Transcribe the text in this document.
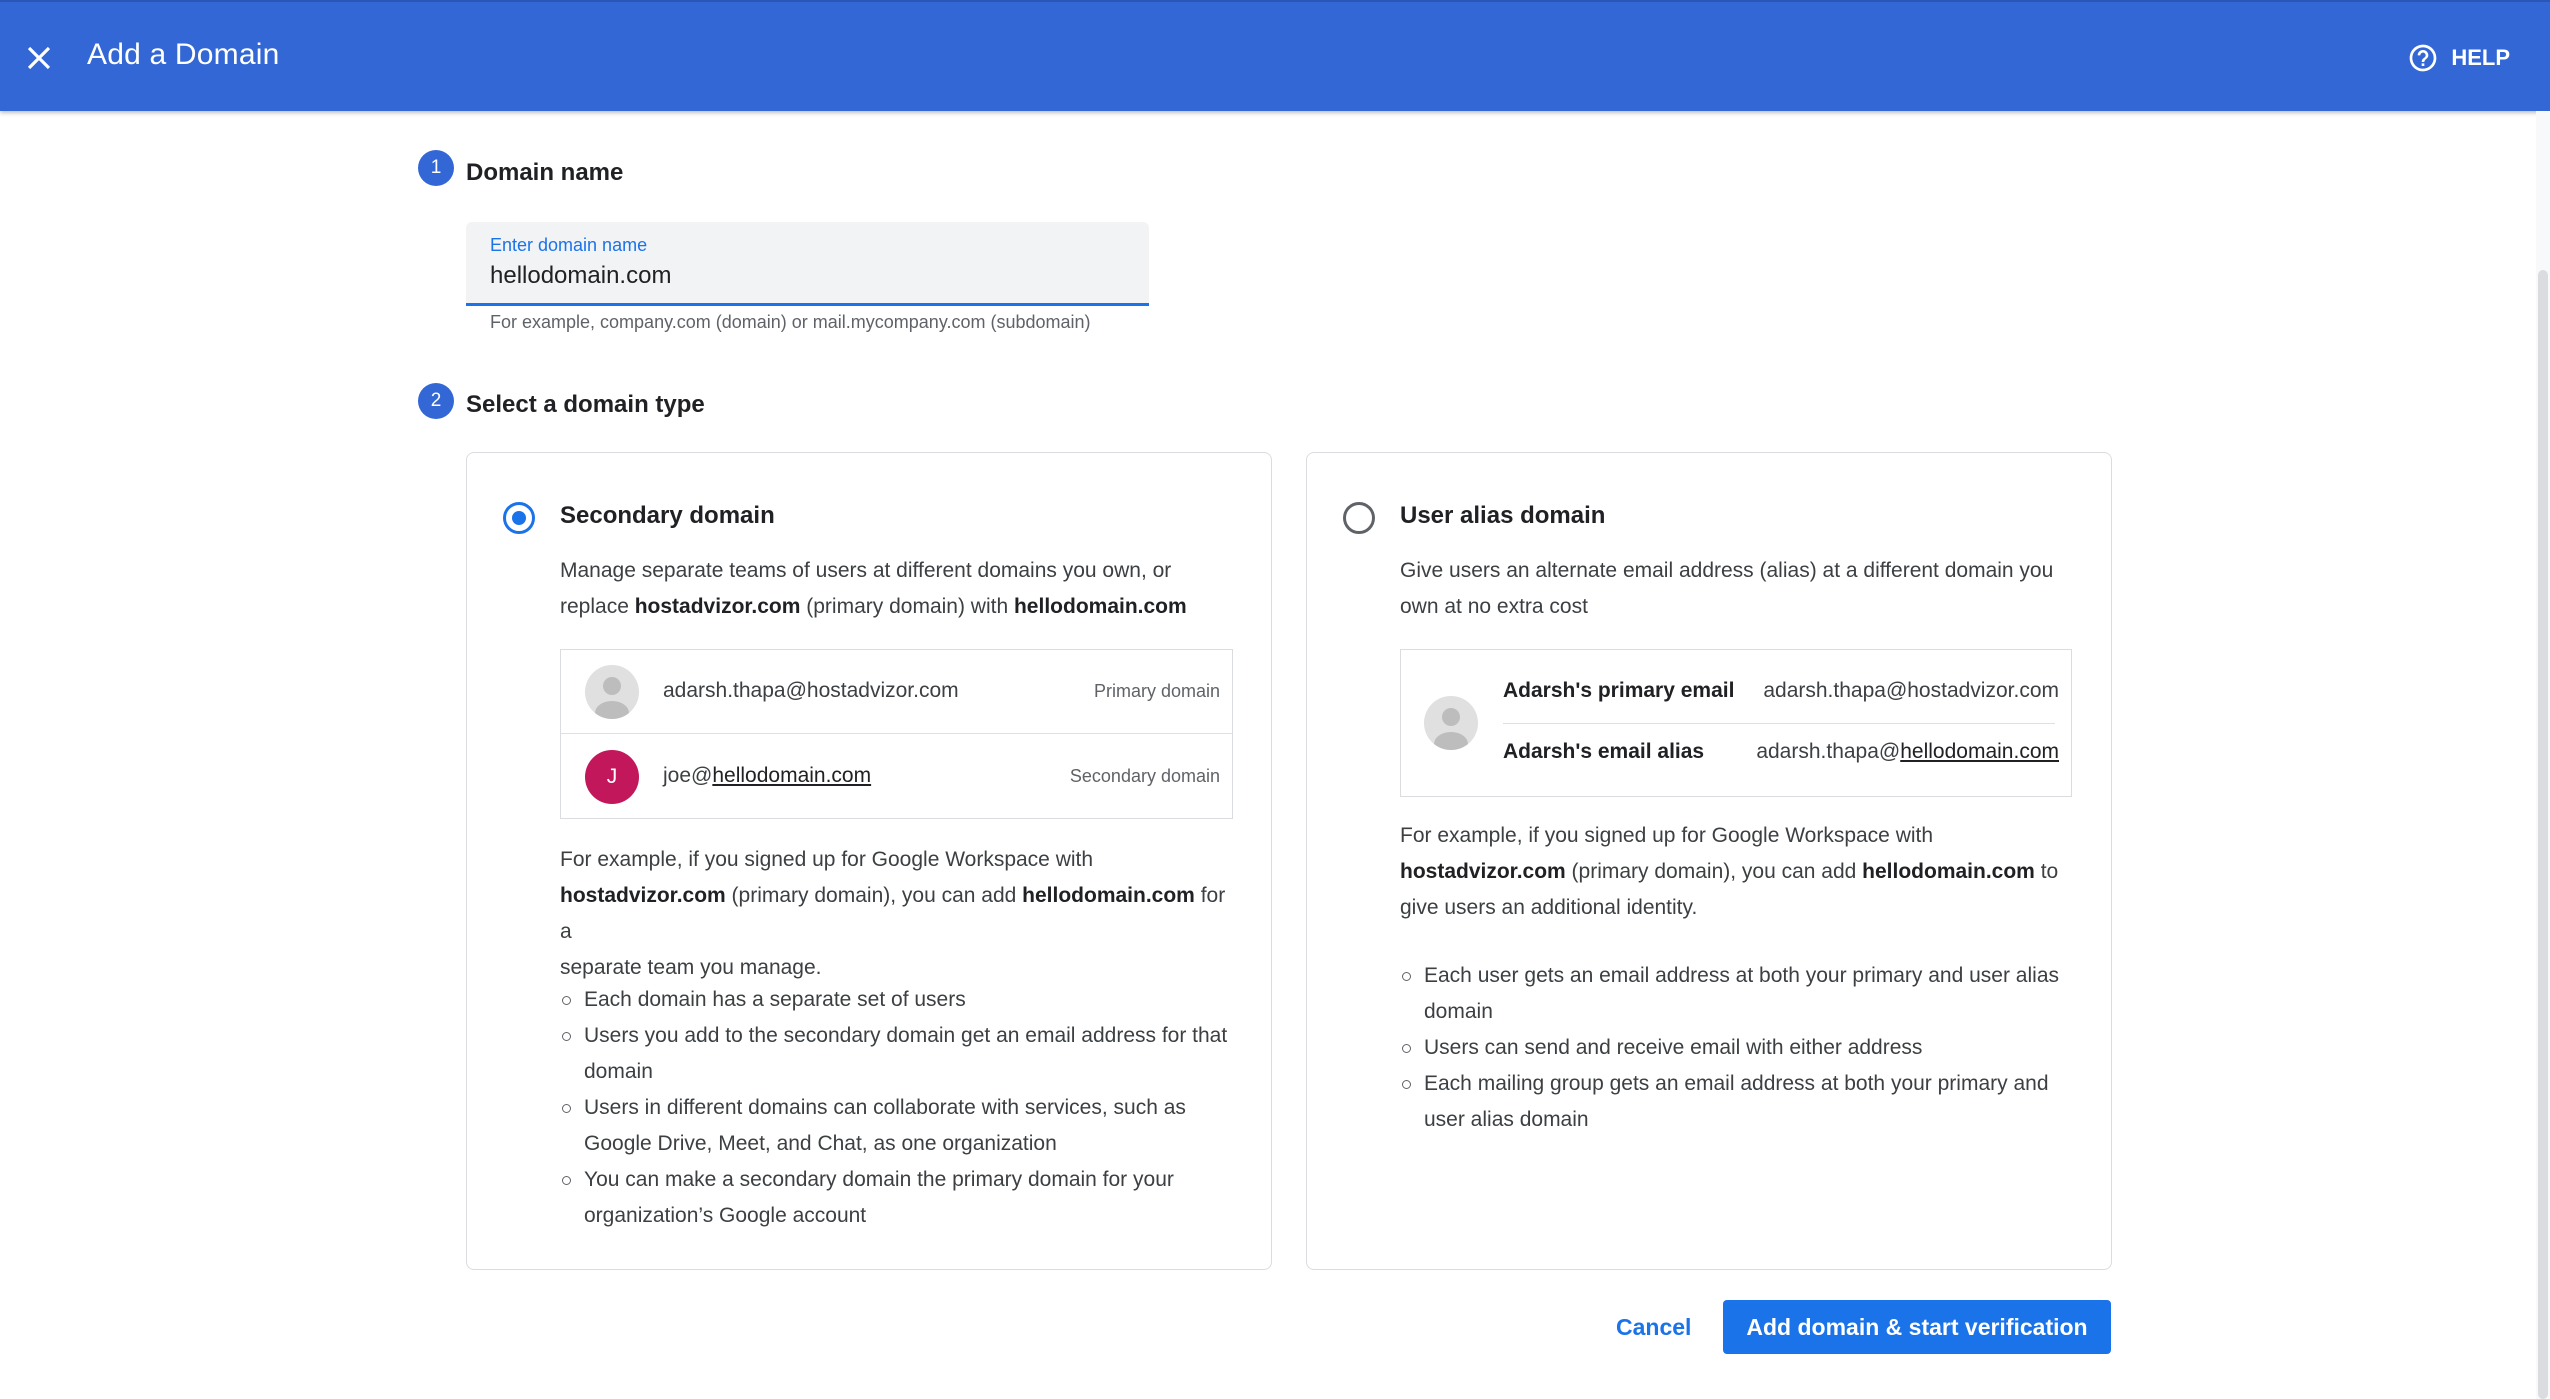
Add a Domain	HELP
1	Domain name
Enter domain name
hellodomain.com
For example, company.com (domain) or mail.mycompany.com (subdomain)
2	Select a domain type
Secondary domain
Manage separate teams of users at different domains you own, or
replace hostadvizor.com (primary domain) with hellodomain.com
adarsh.thapa@hostadvizor.com	Primary domain
J	joe@hellodomain.com	Secondary domain
For example, if you signed up for Google Workspace with
hostadvizor.com (primary domain), you can add hellodomain.com for a
separate team you manage.
Each domain has a separate set of users
Users you add to the secondary domain get an email address for that domain
Users in different domains can collaborate with services, such as Google Drive, Meet, and Chat, as one organization
You can make a secondary domain the primary domain for your organization’s Google account
User alias domain
Give users an alternate email address (alias) at a different domain you
own at no extra cost
Adarsh's primary email adarsh.thapa@hostadvizor.com
Adarsh's email alias adarsh.thapa@hellodomain.com
For example, if you signed up for Google Workspace with
hostadvizor.com (primary domain), you can add hellodomain.com to
give users an additional identity.
Each user gets an email address at both your primary and user alias domain
Users can send and receive email with either address
Each mailing group gets an email address at both your primary and user alias domain
Cancel	Add domain & start verification
